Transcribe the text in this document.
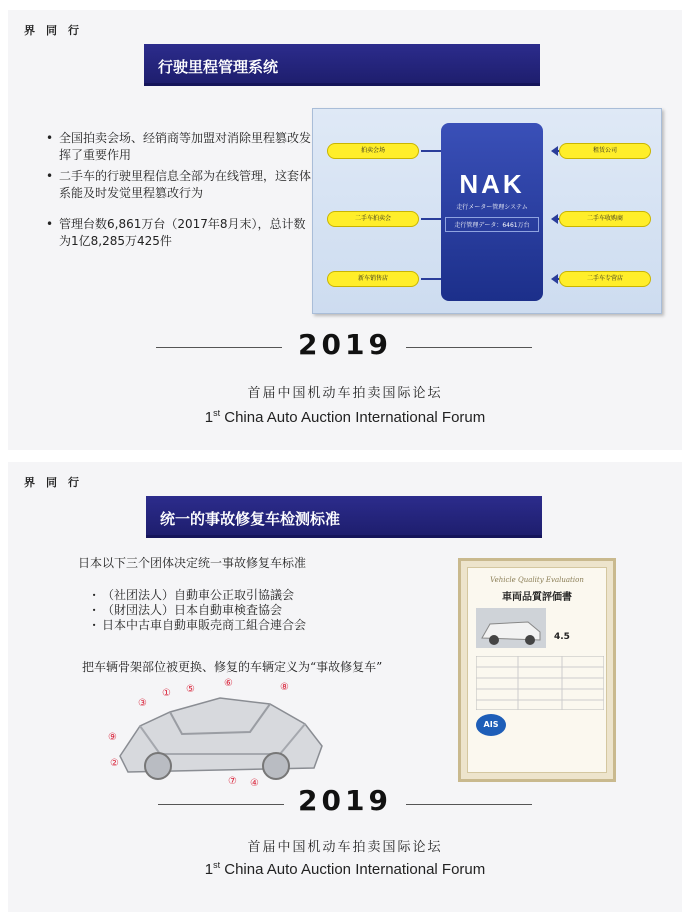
界同行
行驶里程管理系统
• 全国拍卖会场、经销商等加盟对消除里程篡改发挥了重要作用
• 二手车的行驶里程信息全部为在线管理，这套体系能及时发觉里程篡改行为
• 管理台数6,861万台（2017年8月末），总计数为1亿8,285万425件
拍卖会场
二手车拍卖会
新车销售店
NAK
走行メーター管理システム
走行管理データ：6461万台
租赁公司
二手车收购商
二手车专营店
2019
首届中国机动车拍卖国际论坛
1st China Auto Auction International Forum
界同行
统一的事故修复车检测标准
日本以下三个团体决定统一事故修复车标准
· （社团法人）自動車公正取引協議会
· （財団法人）日本自動車検査協会
· 日本中古車自動車販売商工組合連合会
把车辆骨架部位被更换、修复的车辆定义为“事故修复车”
③
① ⑤
⑥	⑧
⑨
②
⑦ ④
Vehicle Quality Evaluation
車両品質評価書
4.5
AIS
2019
首届中国机动车拍卖国际论坛
1st China Auto Auction International Forum
